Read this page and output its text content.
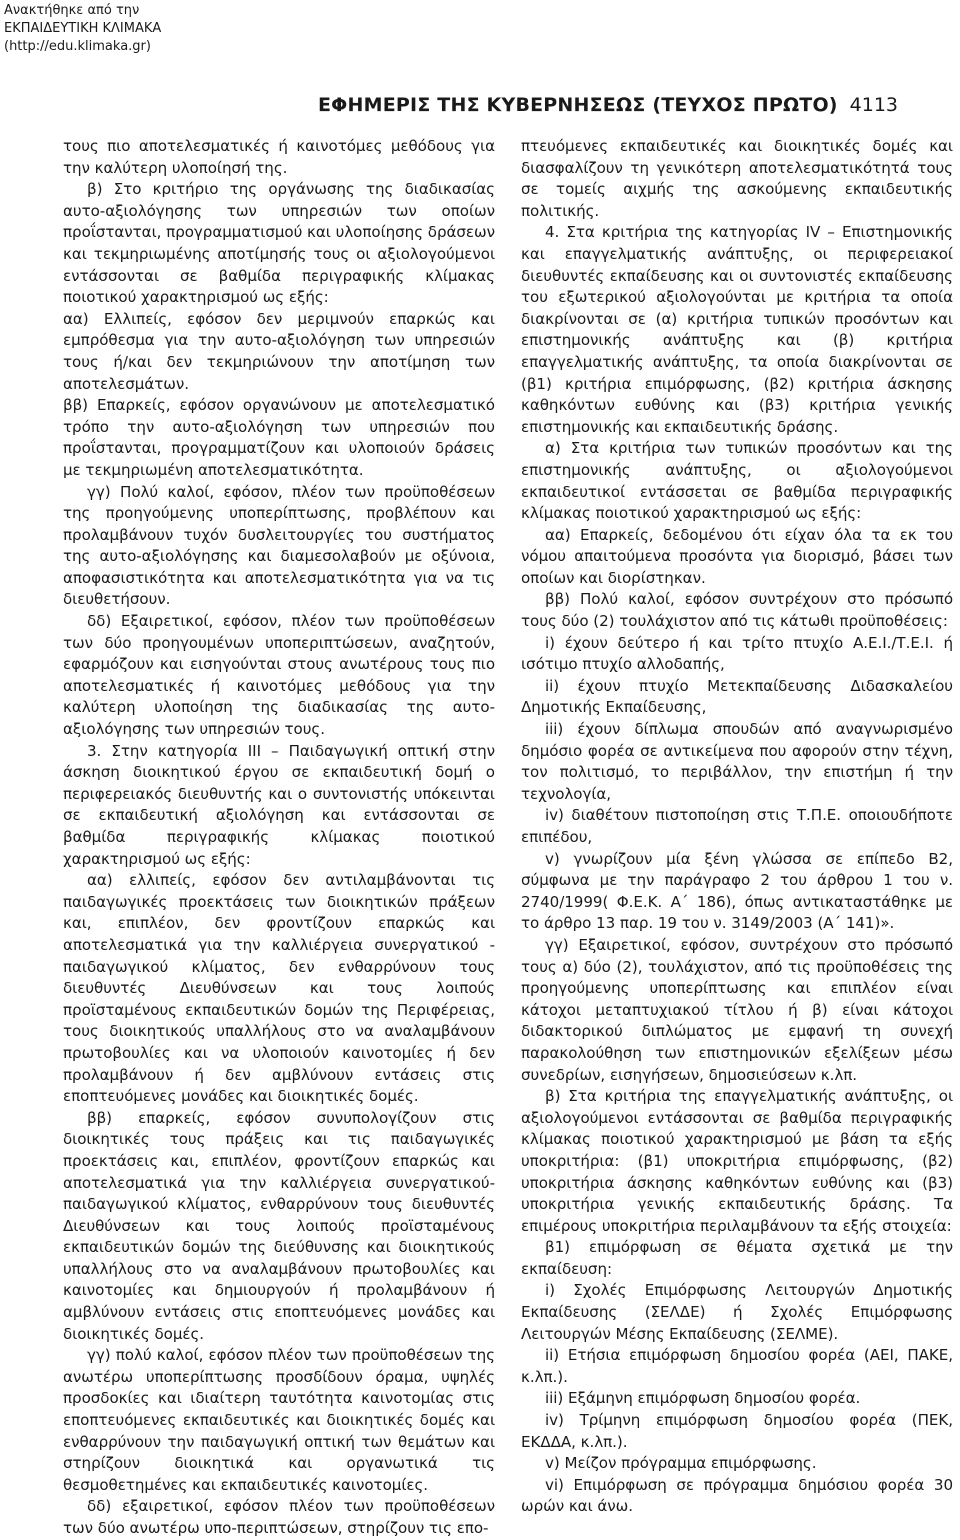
Ανακτήθηκε από την
ΕΚΠΑΙΔΕΥΤΙΚΗ ΚΛΙΜΑΚΑ
(http://edu.klimaka.gr)
ΕΦΗΜΕΡΙΣ ΤΗΣ ΚΥΒΕΡΝΗΣΕΩΣ (ΤΕΥΧΟΣ ΠΡΩΤΟ) 4113

τους πιο αποτελεσματικές ή καινοτόμες μεθόδους για την καλύτερη υλοποίησή της.

β) Στο κριτήριο της οργάνωσης της διαδικασίας αυτο-αξιολόγησης των υπηρεσιών των οποίων προΐστανται, προγραμματισμού και υλοποίησης δράσεων και τεκμηριωμένης αποτίμησής τους οι αξιολογούμενοι εντάσσονται σε βαθμίδα περιγραφικής κλίμακας ποιοτικού χαρακτηρισμού ως εξής:

αα) Ελλιπείς, εφόσον δεν μεριμνούν επαρκώς και εμπρόθεσμα για την αυτο-αξιολόγηση των υπηρεσιών τους ή/και δεν τεκμηριώνουν την αποτίμηση των αποτελεσμάτων.

ββ) Επαρκείς, εφόσον οργανώνουν με αποτελεσματικό τρόπο την αυτο-αξιολόγηση των υπηρεσιών που προΐστανται, προγραμματίζουν και υλοποιούν δράσεις με τεκμηριωμένη αποτελεσματικότητα.

γγ) Πολύ καλοί, εφόσον, πλέον των προϋποθέσεων της προηγούμενης υποπερίπτωσης, προβλέπουν και προλαμβάνουν τυχόν δυσλειτουργίες του συστήματος της αυτο-αξιολόγησης και διαμεσολαβούν με οξύνοια, αποφασιστικότητα και αποτελεσματικότητα για να τις διευθετήσουν.

δδ) Εξαιρετικοί, εφόσον, πλέον των προϋποθέσεων των δύο προηγουμένων υποπεριπτώσεων, αναζητούν, εφαρμόζουν και εισηγούνται στους ανωτέρους τους πιο αποτελεσματικές ή καινοτόμες μεθόδους για την καλύτερη υλοποίηση της διαδικασίας της αυτο-αξιολόγησης των υπηρεσιών τους.

3. Στην κατηγορία ΙΙΙ – Παιδαγωγική οπτική στην άσκηση διοικητικού έργου σε εκπαιδευτική δομή ο περιφερειακός διευθυντής και ο συντονιστής υπόκεινται σε εκπαιδευτική αξιολόγηση και εντάσσονται σε βαθμίδα περιγραφικής κλίμακας ποιοτικού χαρακτηρισμού ως εξής:

αα) ελλιπείς, εφόσον δεν αντιλαμβάνονται τις παιδαγωγικές προεκτάσεις των διοικητικών πράξεων και, επιπλέον, δεν φροντίζουν επαρκώς και αποτελεσματικά για την καλλιέργεια συνεργατικού - παιδαγωγικού κλίματος, δεν ενθαρρύνουν τους διευθυντές Διευθύνσεων και τους λοιπούς προϊσταμένους εκπαιδευτικών δομών της Περιφέρειας, τους διοικητικούς υπαλλήλους στο να αναλαμβάνουν πρωτοβουλίες και να υλοποιούν καινοτομίες ή δεν προλαμβάνουν ή δεν αμβλύνουν εντάσεις στις εποπτευόμενες μονάδες και διοικητικές δομές.

ββ) επαρκείς, εφόσον συνυπολογίζουν στις διοικητικές τους πράξεις και τις παιδαγωγικές προεκτάσεις και, επιπλέον, φροντίζουν επαρκώς και αποτελεσματικά για την καλλιέργεια συνεργατικού-παιδαγωγικού κλίματος, ενθαρρύνουν τους διευθυντές Διευθύνσεων και τους λοιπούς προϊσταμένους εκπαιδευτικών δομών της διεύθυνσης και διοικητικούς υπαλλήλους στο να αναλαμβάνουν πρωτοβουλίες και καινοτομίες και δημιουργούν ή προλαμβάνουν ή αμβλύνουν εντάσεις στις εποπτευόμενες μονάδες και διοικητικές δομές.

γγ) πολύ καλοί, εφόσον πλέον των προϋποθέσεων της ανωτέρω υποπερίπτωσης προσδίδουν όραμα, υψηλές προσδοκίες και ιδιαίτερη ταυτότητα καινοτομίας στις εποπτευόμενες εκπαιδευτικές και διοικητικές δομές και ενθαρρύνουν την παιδαγωγική οπτική των θεμάτων και στηρίζουν διοικητικά και οργανωτικά τις θεσμοθετημένες και εκπαιδευτικές καινοτομίες.

δδ) εξαιρετικοί, εφόσον πλέον των προϋποθέσεων των δύο ανωτέρω υπο-περιπτώσεων, στηρίζουν τις επο-

πτευόμενες εκπαιδευτικές και διοικητικές δομές και διασφαλίζουν τη γενικότερη αποτελεσματικότητά τους σε τομείς αιχμής της ασκούμενης εκπαιδευτικής πολιτικής.

4. Στα κριτήρια της κατηγορίας IV – Επιστημονικής και επαγγελματικής ανάπτυξης, οι περιφερειακοί διευθυντές εκπαίδευσης και οι συντονιστές εκπαίδευσης του εξωτερικού αξιολογούνται με κριτήρια τα οποία διακρίνονται σε (α) κριτήρια τυπικών προσόντων και επιστημονικής ανάπτυξης και (β) κριτήρια επαγγελματικής ανάπτυξης, τα οποία διακρίνονται σε (β1) κριτήρια επιμόρφωσης, (β2) κριτήρια άσκησης καθηκόντων ευθύνης και (β3) κριτήρια γενικής επιστημονικής και εκπαιδευτικής δράσης.

α) Στα κριτήρια των τυπικών προσόντων και της επιστημονικής ανάπτυξης, οι αξιολογούμενοι εκπαιδευτικοί εντάσσεται σε βαθμίδα περιγραφικής κλίμακας ποιοτικού χαρακτηρισμού ως εξής:

αα) Επαρκείς, δεδομένου ότι είχαν όλα τα εκ του νόμου απαιτούμενα προσόντα για διορισμό, βάσει των οποίων και διορίστηκαν.

ββ) Πολύ καλοί, εφόσον συντρέχουν στο πρόσωπό τους δύο (2) τουλάχιστον από τις κάτωθι προϋποθέσεις:

i) έχουν δεύτερο ή και τρίτο πτυχίο Α.Ε.Ι./Τ.Ε.Ι. ή ισότιμο πτυχίο αλλοδαπής,

ii) έχουν πτυχίο Μετεκπαίδευσης Διδασκαλείου Δημοτικής Εκπαίδευσης,

iii) έχουν δίπλωμα σπουδών από αναγνωρισμένο δημόσιο φορέα σε αντικείμενα που αφορούν στην τέχνη, τον πολιτισμό, το περιβάλλον, την επιστήμη ή την τεχνολογία,

iv) διαθέτουν πιστοποίηση στις Τ.Π.Ε. οποιουδήποτε επιπέδου,

v) γνωρίζουν μία ξένη γλώσσα σε επίπεδο Β2, σύμφωνα με την παράγραφο 2 του άρθρου 1 του ν. 2740/1999( Φ.Ε.Κ. Α΄ 186), όπως αντικαταστάθηκε με το άρθρο 13 παρ. 19 του ν. 3149/2003 (Α΄ 141)».

γγ) Εξαιρετικοί, εφόσον, συντρέχουν στο πρόσωπό τους α) δύο (2), τουλάχιστον, από τις προϋποθέσεις της προηγούμενης υποπερίπτωσης και επιπλέον είναι κάτοχοι μεταπτυχιακού τίτλου ή β) είναι κάτοχοι διδακτορικού διπλώματος με εμφανή τη συνεχή παρακολούθηση των επιστημονικών εξελίξεων μέσω συνεδρίων, εισηγήσεων, δημοσιεύσεων κ.λπ.

β) Στα κριτήρια της επαγγελματικής ανάπτυξης, οι αξιολογούμενοι εντάσσονται σε βαθμίδα περιγραφικής κλίμακας ποιοτικού χαρακτηρισμού με βάση τα εξής υποκριτήρια: (β1) υποκριτήρια επιμόρφωσης, (β2) υποκριτήρια άσκησης καθηκόντων ευθύνης και (β3) υποκριτήρια γενικής εκπαιδευτικής δράσης. Τα επιμέρους υποκριτήρια περιλαμβάνουν τα εξής στοιχεία:

β1) επιμόρφωση σε θέματα σχετικά με την εκπαίδευση:

i) Σχολές Επιμόρφωσης Λειτουργών Δημοτικής Εκπαίδευσης (ΣΕΛΔΕ) ή Σχολές Επιμόρφωσης Λειτουργών Μέσης Εκπαίδευσης (ΣΕΛΜΕ).

ii) Ετήσια επιμόρφωση δημοσίου φορέα (ΑΕΙ, ΠΑΚΕ, κ.λπ.).

iii) Εξάμηνη επιμόρφωση δημοσίου φορέα.

iv) Τρίμηνη επιμόρφωση δημοσίου φορέα (ΠΕΚ, ΕΚΔΔΑ, κ.λπ.).

v) Μείζον πρόγραμμα επιμόρφωσης.

vi) Επιμόρφωση σε πρόγραμμα δημόσιου φορέα 30 ωρών και άνω.
